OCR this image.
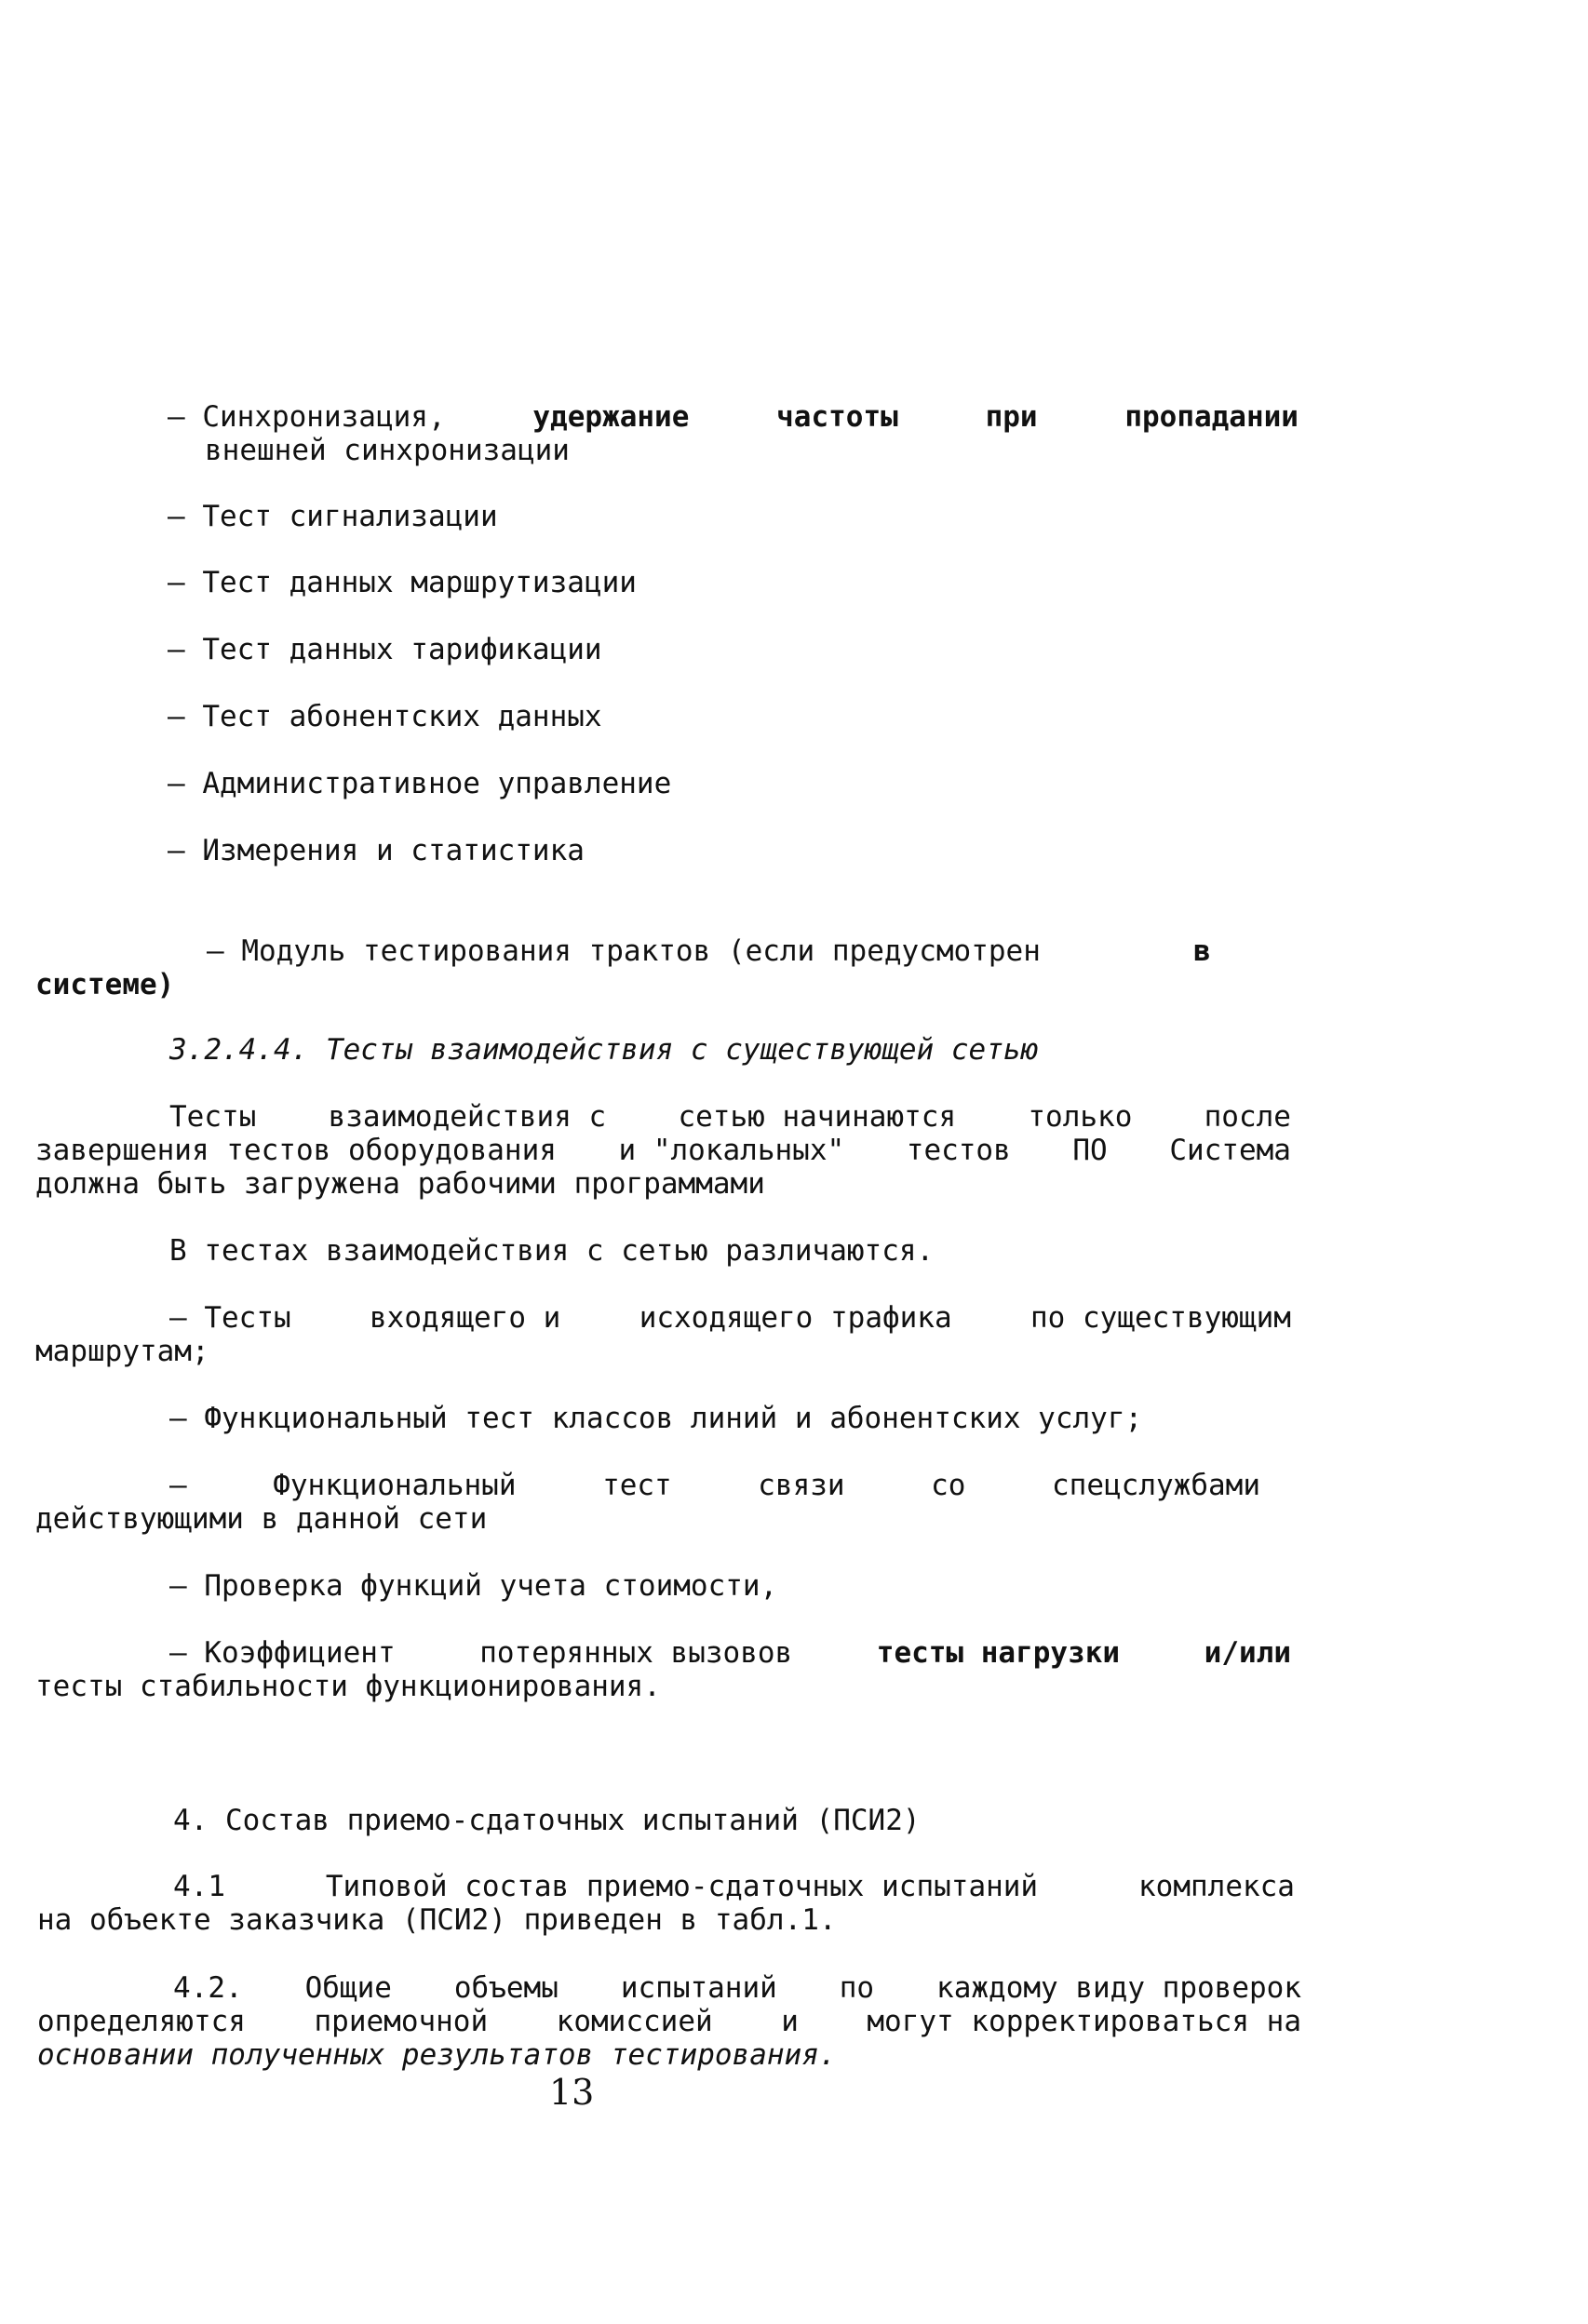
– Синхронизация,	удержание	частоты	при	пропадании
внешней синхронизации
– Тест сигнализации
– Тест данных маршрутизации
– Тест данных тарификации
– Тест абонентских данных
– Административное управление
– Измерения и статистика
– Модуль тестирования трактов (если предусмотрен	в
системе)
3.2.4.4. Тесты взаимодействия с существующей сетью
Тесты взаимодействия с сетью начинаются только после
завершения тестов оборудования и "локальных" тестов ПО Система
должна быть загружена рабочими программами
В тестах взаимодействия с сетью различаются.
– Тесты	входящего и	исходящего трафика	по существующим
маршрутам;
– Функциональный тест классов линий и абонентских услуг;
–	Функциональный	тест	связи	со	спецслужбами
действующими в данной сети
– Проверка функций учета стоимости,
– Коэффициент	потерянных вызовов	тесты нагрузки	и/или
тесты стабильности функционирования.
4. Состав приемо-сдаточных испытаний (ПСИ2)
4.1	Типовой состав приемо-сдаточных испытаний	комплекса
на объекте заказчика (ПСИ2) приведен в табл.1.
4.2. Общие объемы испытаний по каждому виду проверок
определяются приемочной комиссией и могут корректироваться на
основании полученных результатов тестирования.
13
